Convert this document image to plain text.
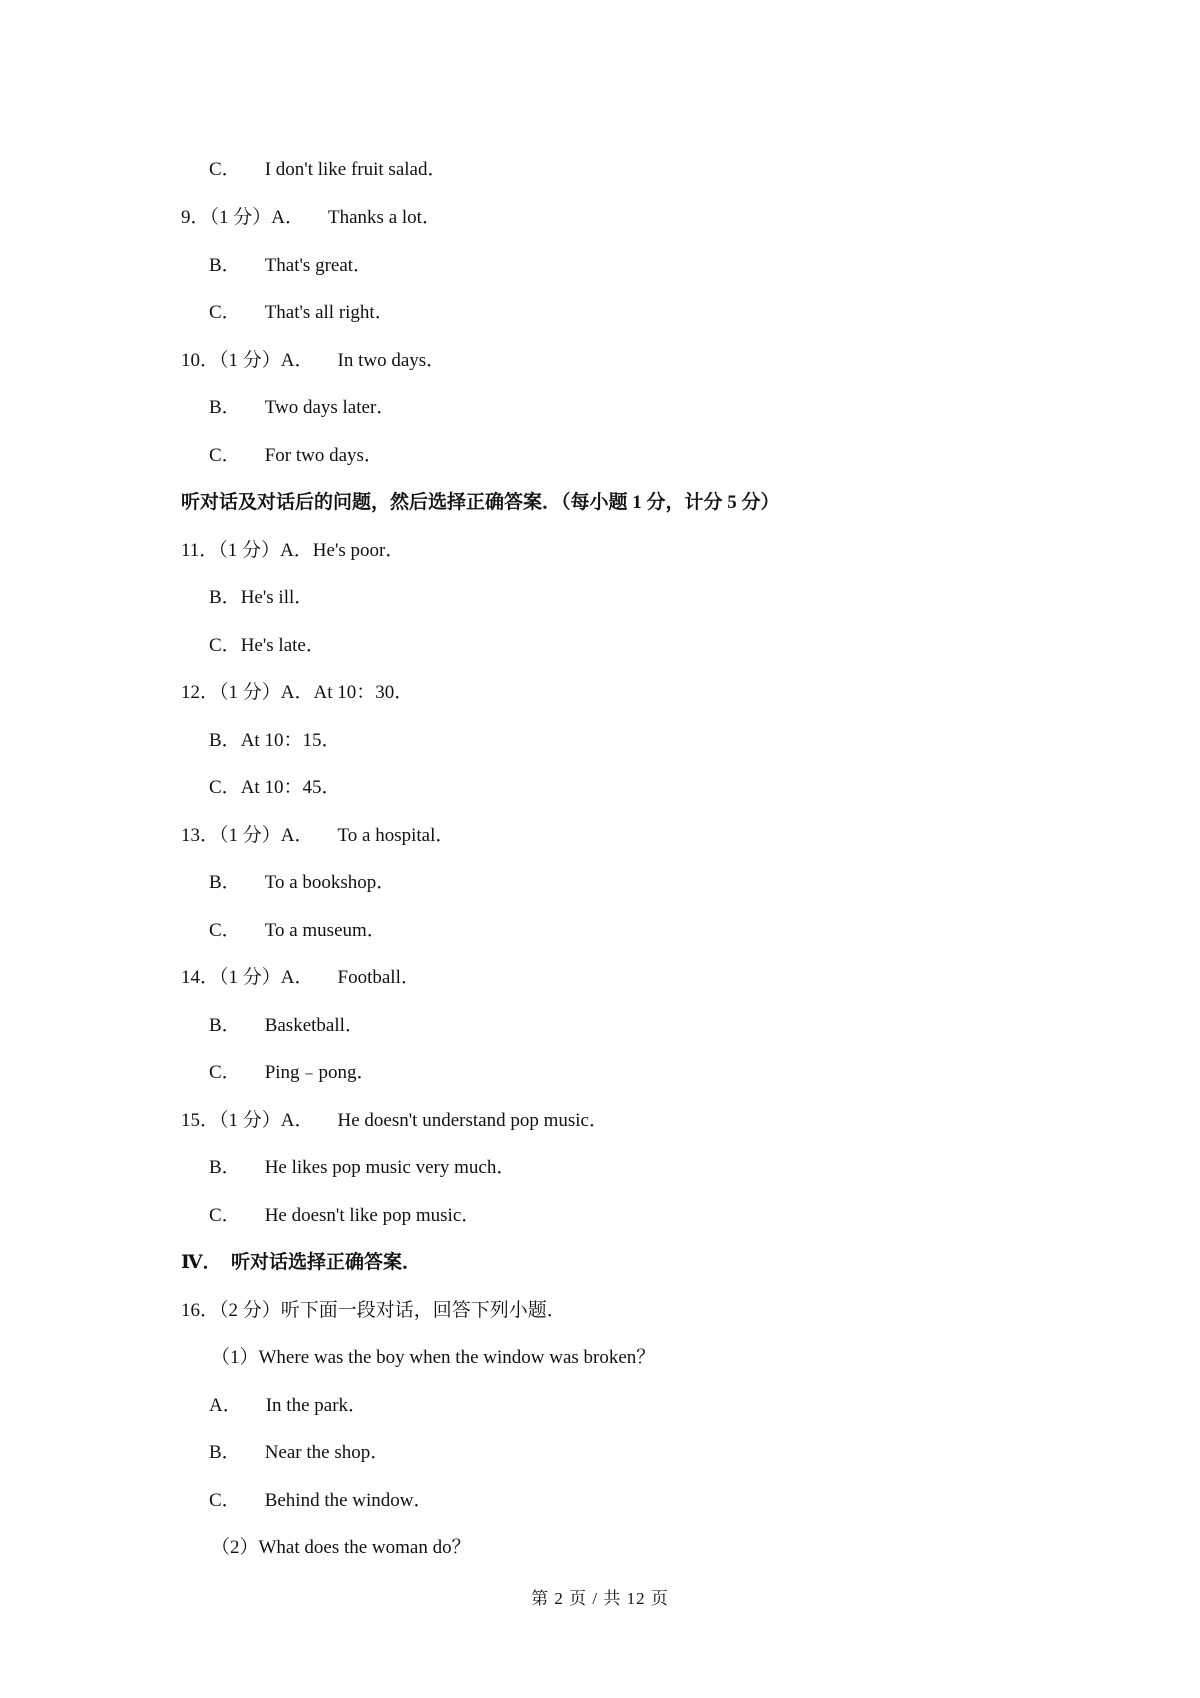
C． I don't like fruit salad．
9．（1 分）A． Thanks a lot．
B． That's great．
C． That's all right．
10．（1 分）A． In two days．
B． Two days later．
C． For two days．
听对话及对话后的问题，然后选择正确答案．（每小题 1 分，计分 5 分）
11．（1 分）A．He's poor．
B．He's ill．
C．He's late．
12．（1 分）A．At 10：30．
B．At 10：15．
C．At 10：45．
13．（1 分）A． To a hospital．
B． To a bookshop．
C． To a museum．
14．（1 分）A． Football．
B． Basketball．
C． Ping﹣pong．
15．（1 分）A． He doesn't understand pop music．
B． He likes pop music very much．
C． He doesn't like pop music．
Ⅳ．  听对话选择正确答案．
16．（2 分）听下面一段对话，回答下列小题．
（1）Where was the boy when the window was broken？
A． In the park．
B． Near the shop．
C． Behind the window．
（2）What does the woman do？
第 2 页 / 共 12 页
